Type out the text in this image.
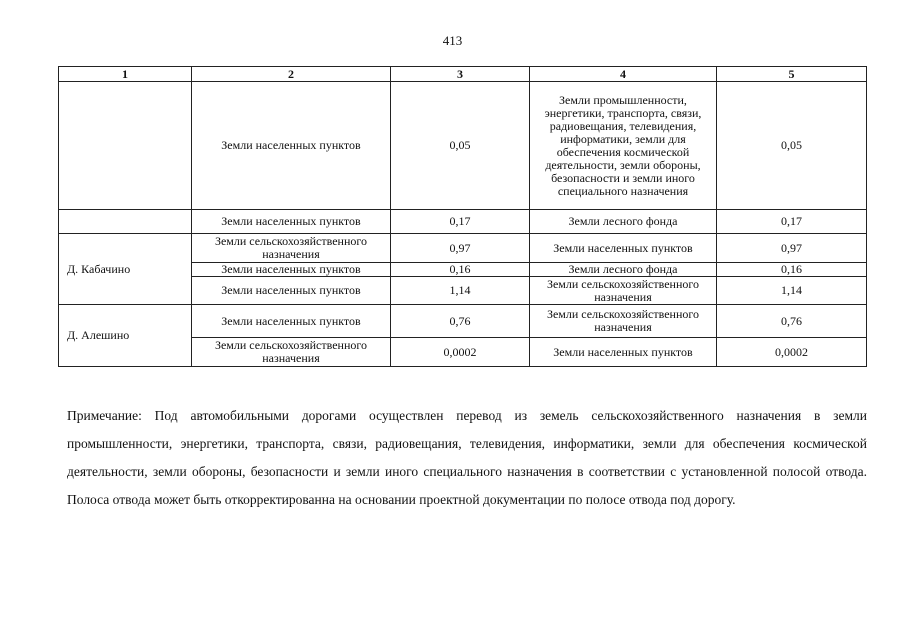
413
1	2	3	4	5
	Земли населенных пунктов	0,05	Земли промышленности, энергетики, транспорта, связи, радиовещания, телевидения, информатики, земли для обеспечения космической деятельности, земли обороны, безопасности и земли иного специального назначения	0,05
	Земли населенных пунктов	0,17	Земли лесного фонда	0,17
Д. Кабачино	Земли сельскохозяйственного назначения	0,97	Земли населенных пунктов	0,97
	Земли населенных пунктов	0,16	Земли лесного фонда	0,16
	Земли населенных пунктов	1,14	Земли сельскохозяйственного назначения	1,14
Д. Алешино	Земли населенных пунктов	0,76	Земли сельскохозяйственного назначения	0,76
	Земли сельскохозяйственного назначения	0,0002	Земли населенных пунктов	0,0002
Примечание: Под автомобильными дорогами осуществлен перевод из земель сельскохозяйственного назначения в земли промышленности, энергетики, транспорта, связи, радиовещания, телевидения, информатики, земли для обеспечения космической деятельности, земли обороны, безопасности и земли иного специального назначения в соответствии с установленной полосой отвода. Полоса отвода может быть откорректированна на основании проектной документации по полосе отвода под дорогу.
